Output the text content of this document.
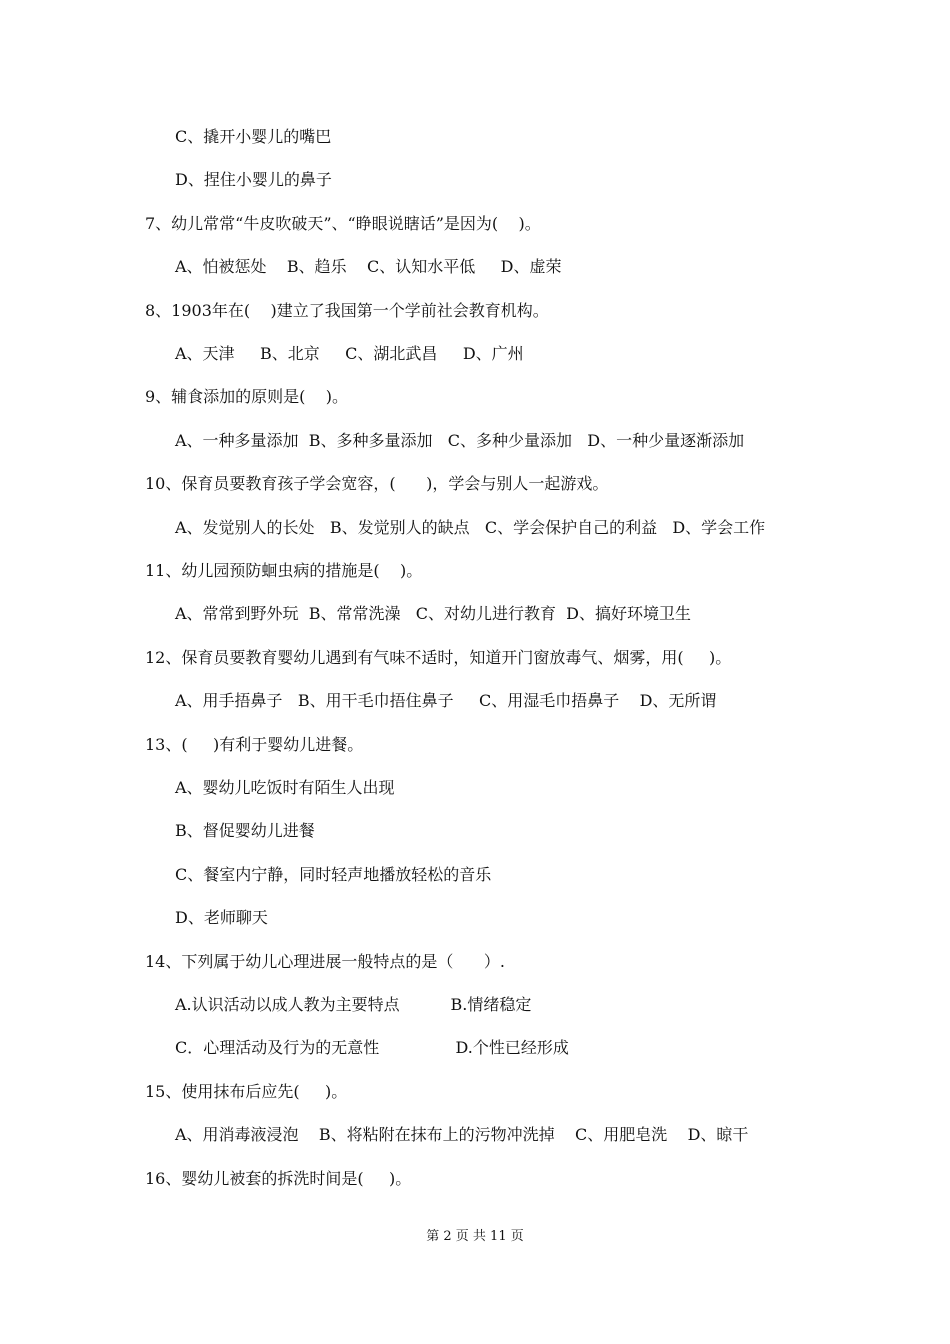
C、撬开小婴儿的嘴巴
D、捏住小婴儿的鼻子
7、幼儿常常“牛皮吹破天”、“睁眼说瞎话”是因为(    )。
A、怕被惩处    B、趋乐    C、认知水平低     D、虚荣
8、1903年在(    )建立了我国第一个学前社会教育机构。
A、天津     B、北京     C、湖北武昌     D、广州
9、辅食添加的原则是(    )。
A、一种多量添加  B、多种多量添加   C、多种少量添加   D、一种少量逐渐添加
10、保育员要教育孩子学会宽容，(      )，学会与别人一起游戏。
A、发觉别人的长处   B、发觉别人的缺点   C、学会保护自己的利益   D、学会工作
11、幼儿园预防蛔虫病的措施是(    )。
A、常常到野外玩  B、常常洗澡   C、对幼儿进行教育  D、搞好环境卫生
12、保育员要教育婴幼儿遇到有气味不适时，知道开门窗放毒气、烟雾，用(     )。
A、用手捂鼻子   B、用干毛巾捂住鼻子     C、用湿毛巾捂鼻子    D、无所谓
13、(     )有利于婴幼儿进餐。
A、婴幼儿吃饭时有陌生人出现
B、督促婴幼儿进餐
C、餐室内宁静，同时轻声地播放轻松的音乐
D、老师聊天
14、下列属于幼儿心理进展一般特点的是（      ）.
A.认识活动以成人教为主要特点          B.情绪稳定
C．心理活动及行为的无意性               D.个性已经形成
15、使用抹布后应先(     )。
A、用消毒液浸泡    B、将粘附在抹布上的污物冲洗掉    C、用肥皂洗    D、晾干
16、婴幼儿被套的拆洗时间是(     )。
第 2 页 共 11 页
